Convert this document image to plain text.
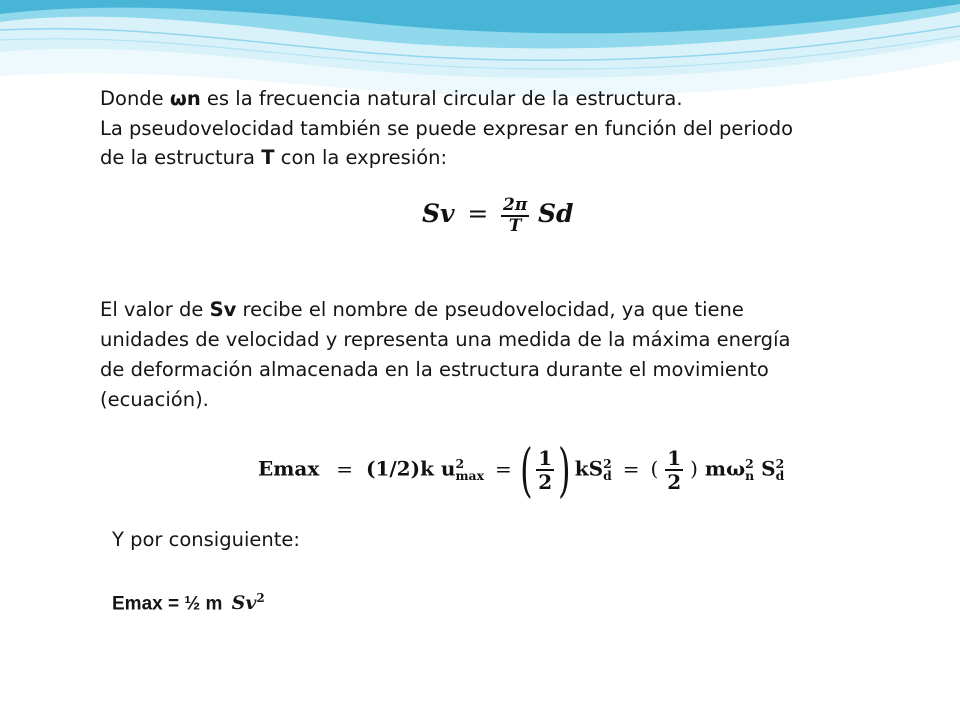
Donde ωn es la frecuencia natural circular de la estructura.
La pseudovelocidad también se puede expresar en función del periodo
de la estructura T con la expresión:
$Sv = \frac{2\pi}{T}$ Sd
El valor de Sv recibe el nombre de pseudovelocidad, ya que tiene
unidades de velocidad y representa una medida de la máxima energía
de deformación almacenada en la estructura durante el movimiento
(ecuación).
Emax = (1/2)k u 2
max = ( $\frac{1}{2}$ ) kS 2
d = ( $\frac{1}{2}$ ) mω 2
n S 2
d
Y por consiguiente:
Emax = ½ m Sv$^2$
